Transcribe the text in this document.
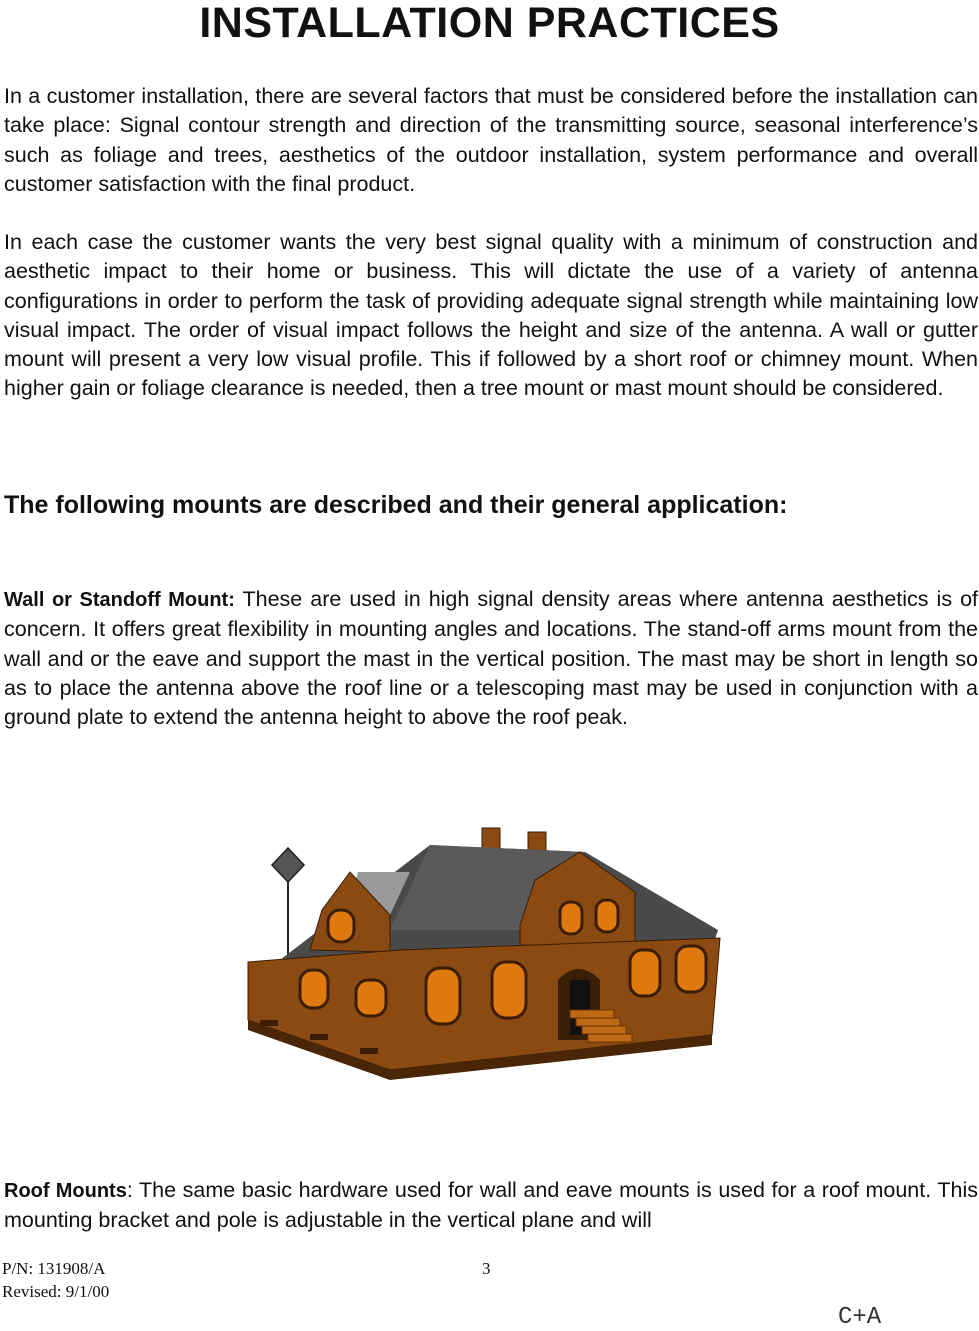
INSTALLATION PRACTICES
In a customer installation, there are several factors that must be considered before the installation can take place: Signal contour strength and direction of the transmitting source, seasonal interference’s such as foliage and trees, aesthetics of the outdoor installation, system performance and overall customer satisfaction with the final product.
In each case the customer wants the very best signal quality with a minimum of construction and aesthetic impact to their home or business. This will dictate the use of a variety of antenna configurations in order to perform the task of providing adequate signal strength while maintaining low visual impact. The order of visual impact follows the height and size of the antenna. A wall or gutter mount will present a very low visual profile. This if followed by a short roof or chimney mount. When higher gain or foliage clearance is needed, then a tree mount or mast mount should be considered.
The following mounts are described and their general application:
Wall or Standoff Mount: These are used in high signal density areas where antenna aesthetics is of concern. It offers great flexibility in mounting angles and locations. The stand-off arms mount from the wall and or the eave and support the mast in the vertical position. The mast may be short in length so as to place the antenna above the roof line or a telescoping mast may be used in conjunction with a ground plate to extend the antenna height to above the roof peak.
Roof Mounts: The same basic hardware used for wall and eave mounts is used for a roof mount. This mounting bracket and pole is adjustable in the vertical plane and will
P/N: 131908/A
Revised: 9/1/00
3
C+A
